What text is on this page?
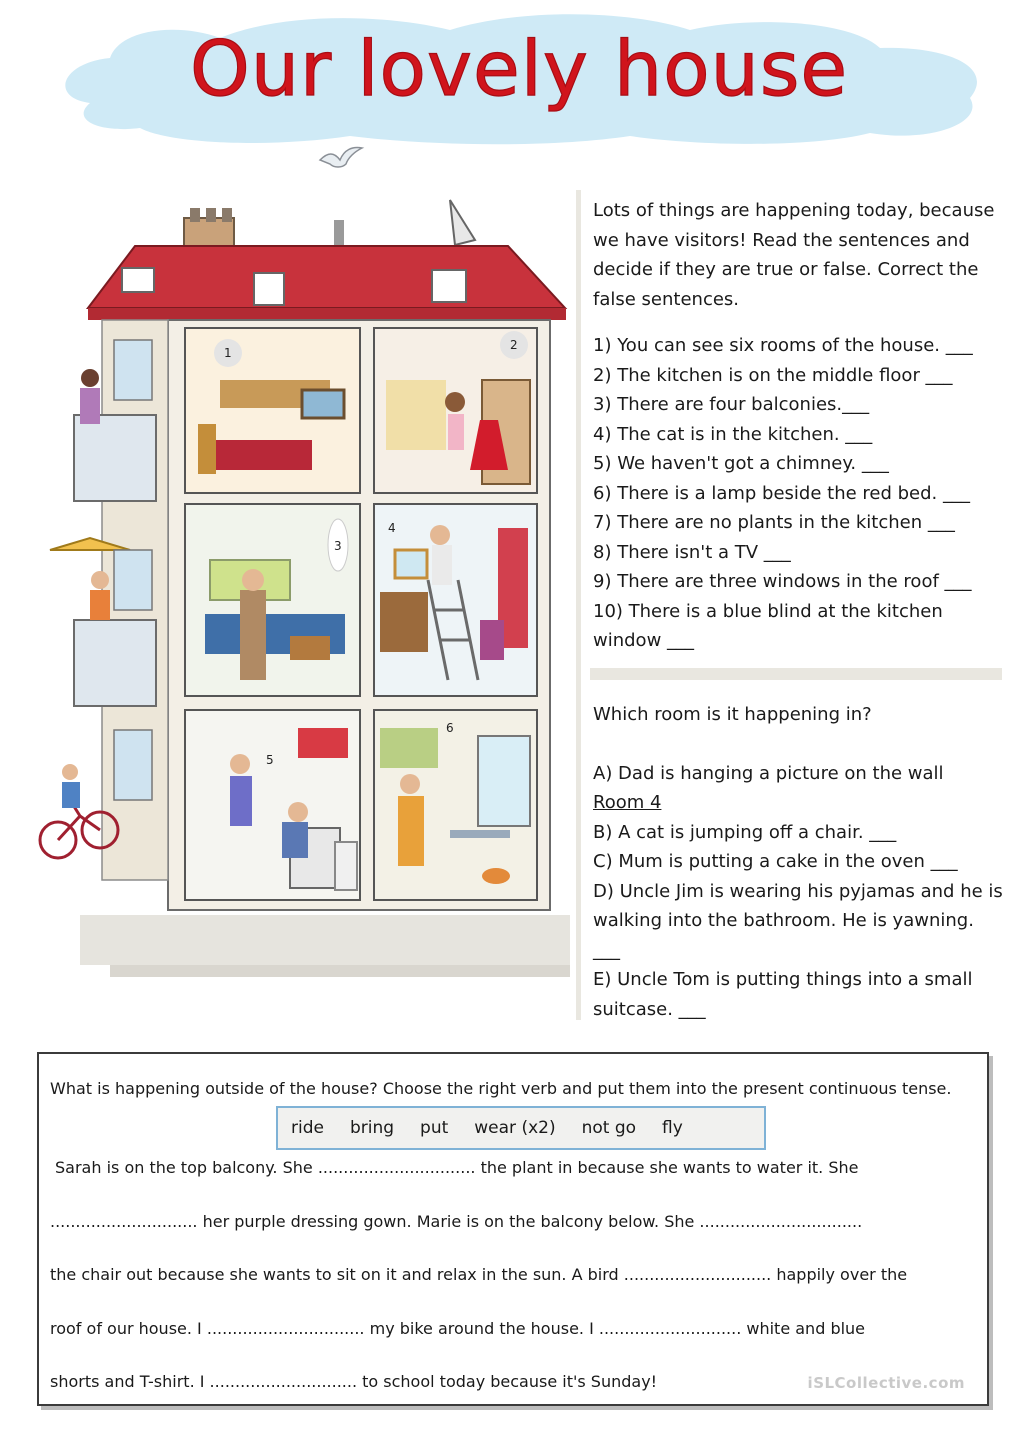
Our lovely house
1
2
3
4
5
6

Lots of things are happening today, because we have visitors! Read the sentences and decide if they are true or false. Correct the false sentences.

1) You can see six rooms of the house. ___
2) The kitchen is on the middle floor ___
3) There are four balconies.___
4) The cat is in the kitchen. ___
5) We haven't got a chimney. ___
6) There is a lamp beside the red bed. ___
7) There are no plants in the kitchen ___
8) There isn't a TV ___
9) There are three windows in the roof ___
10) There is a blue blind at the kitchen window ___

Which room is it happening in?

A) Dad is hanging a picture on the wall

Room 4

B) A cat is jumping off a chair. ___

C) Mum is putting a cake in the oven ___

D) Uncle Jim is wearing his pyjamas and he is walking into the bathroom. He is yawning. ___

E) Uncle Tom is putting things into a small suitcase. ___

What is happening outside of the house? Choose the right verb and put them into the present continuous tense.
ride bring put wear (x2) not go fly
Sarah is on the top balcony. She ............................... the plant in because she wants to water it. She
............................. her purple dressing gown. Marie is on the balcony below. She ................................
the chair out because she wants to sit on it and relax in the sun. A bird ............................. happily over the
roof of our house. I ............................... my bike around the house. I ............................ white and blue
shorts and T-shirt. I ............................. to school today because it's Sunday!	iSLCollective.com
